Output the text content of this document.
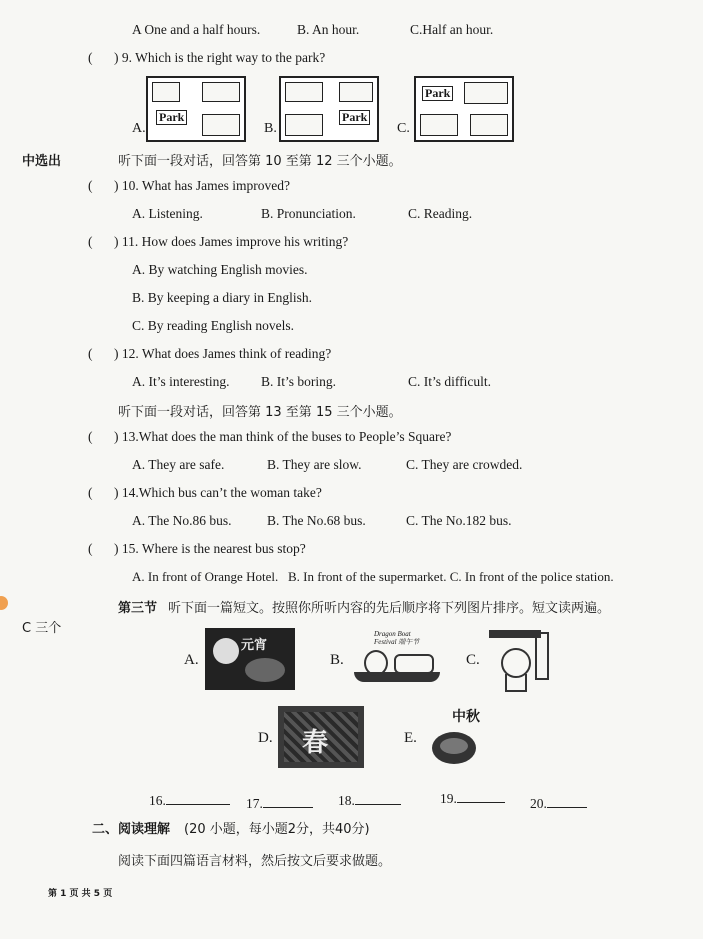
A One and a half hours.	B. An hour.	C.Half an hour.
( ) 9. Which is the right way to the park?
A.
Park
B.
Park
C.
Park
中选出
C 三个
听下面一段对话，回答第 10 至第 12 三个小题。
( ) 10. What has James improved?
A. Listening.	B. Pronunciation.	C. Reading.
( ) 11. How does James improve his writing?
A. By watching English movies.
B. By keeping a diary in English.
C. By reading English novels.
( ) 12. What does James think of reading?
A. It’s interesting. B. It’s boring.	C. It’s difficult.
听下面一段对话，回答第 13 至第 15 三个小题。
( ) 13.What does the man think of the buses to People’s Square?
A. They are safe.	B. They are slow.	C. They are crowded.
( ) 14.Which bus can’t the woman take?
A. The No.86 bus.	B. The No.68 bus.	C. The No.182 bus.
( ) 15. Where is the nearest bus stop?
A. In front of Orange Hotel.   B. In front of the supermarket. C. In front of the police station.
第三节 听下面一篇短文。按照你所听内容的先后顺序将下列图片排序。短文读两遍。
A.
元宵
B.
Dragon Boat Festival 端午节
C.
D. 春	E.
中秋
16.	17.	18.	19.	20.
二、阅读理解 (20 小题，每小题2分，共40分)
阅读下面四篇语言材料，然后按文后要求做题。
第 1 页 共 5 页
